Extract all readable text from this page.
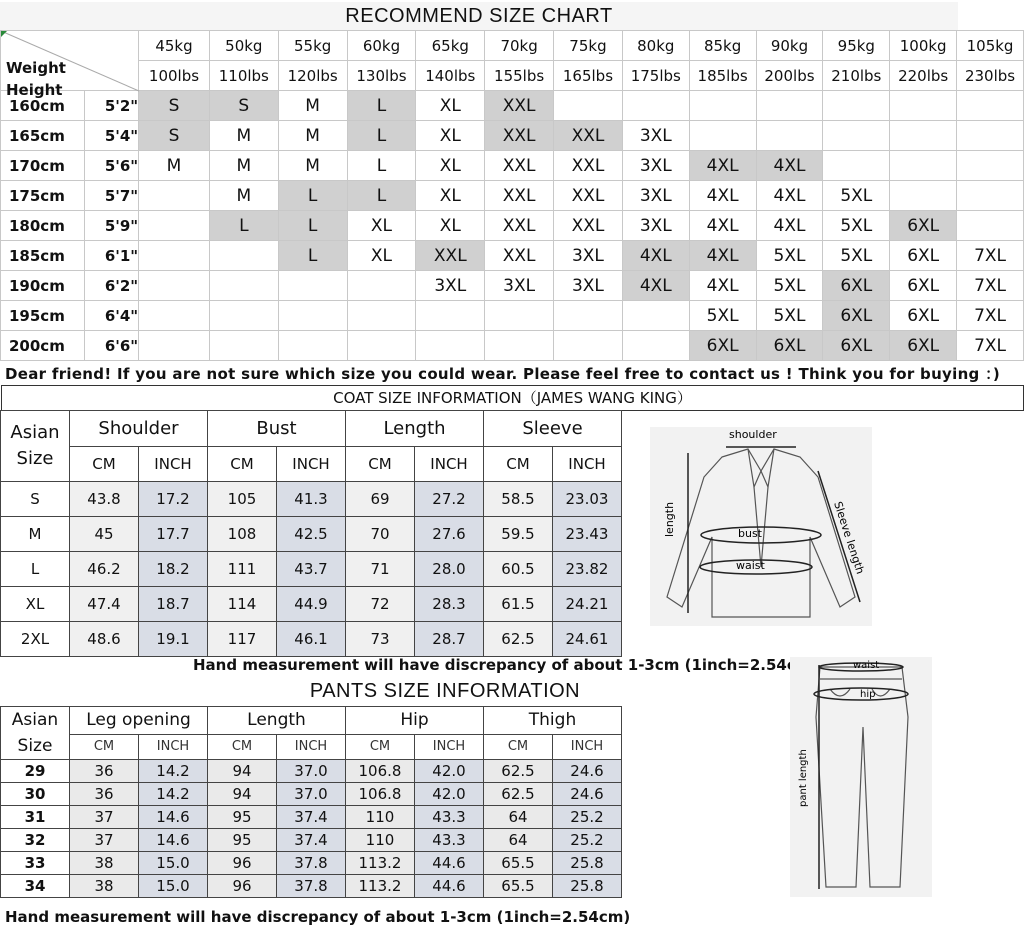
RECOMMEND SIZE CHART
Weight
Height		45kg	50kg	55kg	60kg	65kg	70kg	75kg	80kg	85kg	90kg	95kg	100kg	105kg
		100lbs	110lbs	120lbs	130lbs	140lbs	155lbs	165lbs	175lbs	185lbs	200lbs	210lbs	220lbs	230lbs
160cm	5'2"	S	S	M	L	XL	XXL							
165cm	5'4"	S	M	M	L	XL	XXL	XXL	3XL					
170cm	5'6"	M	M	M	L	XL	XXL	XXL	3XL	4XL	4XL			
175cm	5'7"		M	L	L	XL	XXL	XXL	3XL	4XL	4XL	5XL		
180cm	5'9"		L	L	XL	XL	XXL	XXL	3XL	4XL	4XL	5XL	6XL	
185cm	6'1"			L	XL	XXL	XXL	3XL	4XL	4XL	5XL	5XL	6XL	7XL
190cm	6'2"					3XL	3XL	3XL	4XL	4XL	5XL	6XL	6XL	7XL
195cm	6'4"									5XL	5XL	6XL	6XL	7XL
200cm	6'6"									6XL	6XL	6XL	6XL	7XL
Dear friend! If you are not sure which size you could wear. Please feel free to contact us ! Think you for buying ：)
COAT SIZE INFORMATION（JAMES WANG KING）
Asian
Size	Shoulder		Bust		Length		Sleeve	
	CM	INCH	CM	INCH	CM	INCH	CM	INCH
S	43.8	17.2	105	41.3	69	27.2	58.5	23.03
M	45	17.7	108	42.5	70	27.6	59.5	23.43
L	46.2	18.2	111	43.7	71	28.0	60.5	23.82
XL	47.4	18.7	114	44.9	72	28.3	61.5	24.21
2XL	48.6	19.1	117	46.1	73	28.7	62.5	24.61
shoulder
length	bust
waist	Sleeve length
Hand measurement will have discrepancy of about 1-3cm (1inch=2.54cm)
PANTS SIZE INFORMATION
Asian
Size	Leg opening		Length		Hip		Thigh	
	CM	INCH	CM	INCH	CM	INCH	CM	INCH
29	36	14.2	94	37.0	106.8	42.0	62.5	24.6
30	36	14.2	94	37.0	106.8	42.0	62.5	24.6
31	37	14.6	95	37.4	110	43.3	64	25.2
32	37	14.6	95	37.4	110	43.3	64	25.2
33	38	15.0	96	37.8	113.2	44.6	65.5	25.8
34	38	15.0	96	37.8	113.2	44.6	65.5	25.8
pant length
waist
hip
Hand measurement will have discrepancy of about 1-3cm (1inch=2.54cm)
